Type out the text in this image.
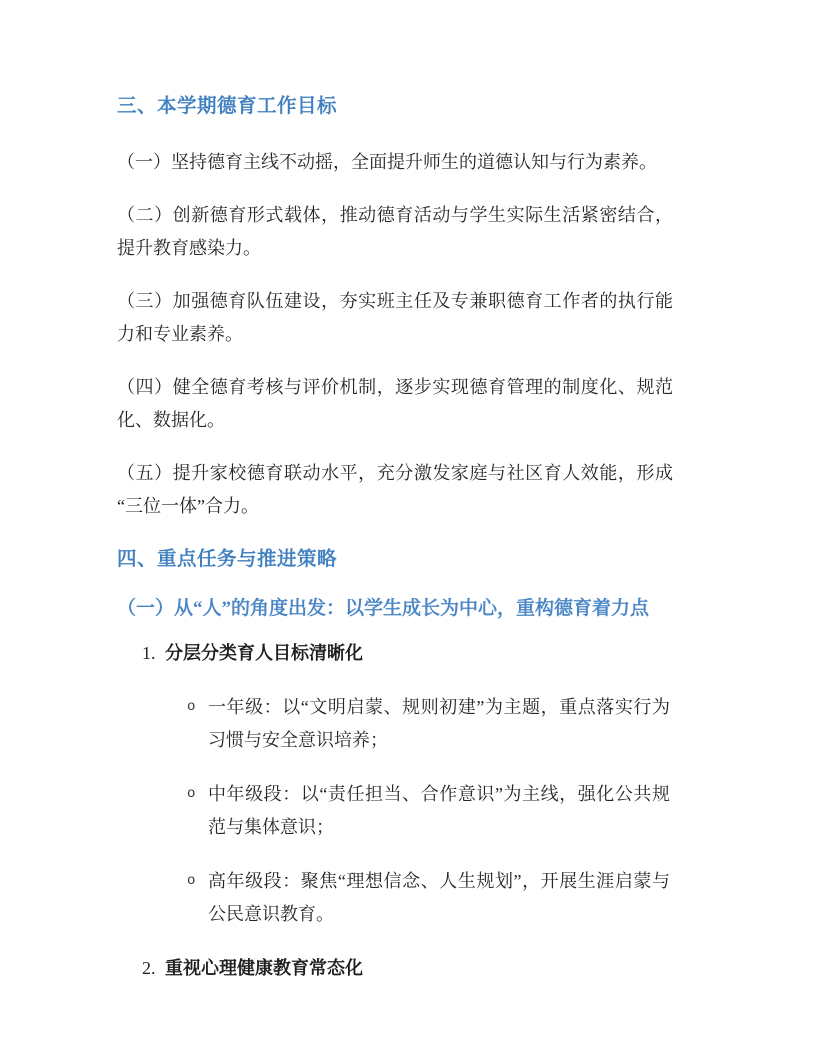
三、本学期德育工作目标
（一）坚持德育主线不动摇，全面提升师生的道德认知与行为素养。
（二）创新德育形式载体，推动德育活动与学生实际生活紧密结合，提升教育感染力。
（三）加强德育队伍建设，夯实班主任及专兼职德育工作者的执行能力和专业素养。
（四）健全德育考核与评价机制，逐步实现德育管理的制度化、规范化、数据化。
（五）提升家校德育联动水平，充分激发家庭与社区育人效能，形成“三位一体”合力。
四、重点任务与推进策略
（一）从“人”的角度出发：以学生成长为中心，重构德育着力点
1. 分层分类育人目标清晰化
o 一年级：以“文明启蒙、规则初建”为主题，重点落实行为习惯与安全意识培养；
o 中年级段：以“责任担当、合作意识”为主线，强化公共规范与集体意识；
o 高年级段：聚焦“理想信念、人生规划”，开展生涯启蒙与公民意识教育。
2. 重视心理健康教育常态化
